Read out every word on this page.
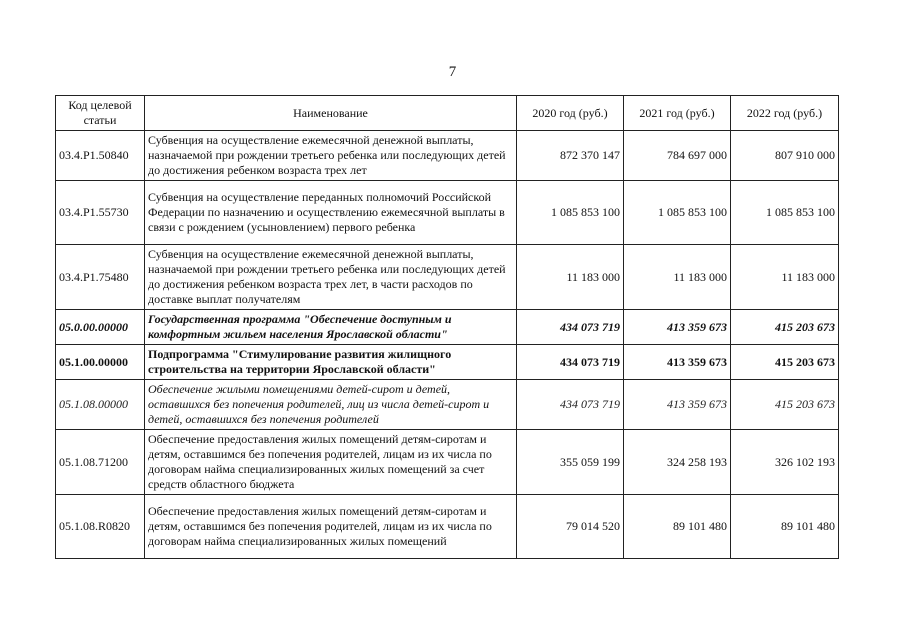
7
Код целевой статьи	Наименование	2020 год (руб.)	2021 год (руб.)	2022 год (руб.)
03.4.P1.50840	Субвенция на осуществление ежемесячной денежной выплаты, назначаемой при рождении третьего ребенка или последующих детей до достижения ребенком возраста трех лет	872 370 147	784 697 000	807 910 000
03.4.P1.55730	Субвенция на осуществление переданных полномочий Российской Федерации по назначению и осуществлению ежемесячной выплаты в связи с рождением (усыновлением) первого ребенка	1 085 853 100	1 085 853 100	1 085 853 100
03.4.P1.75480	Субвенция на осуществление ежемесячной денежной выплаты, назначаемой при рождении третьего ребенка или последующих детей до достижения ребенком возраста трех лет, в части расходов по доставке выплат получателям	11 183 000	11 183 000	11 183 000
05.0.00.00000	Государственная программа "Обеспечение доступным и комфортным жильем населения Ярославской области"	434 073 719	413 359 673	415 203 673
05.1.00.00000	Подпрограмма "Стимулирование развития жилищного строительства на территории Ярославской области"	434 073 719	413 359 673	415 203 673
05.1.08.00000	Обеспечение жилыми помещениями детей-сирот и детей, оставшихся без попечения родителей, лиц из числа детей-сирот и детей, оставшихся без попечения родителей	434 073 719	413 359 673	415 203 673
05.1.08.71200	Обеспечение предоставления жилых помещений детям-сиротам и детям, оставшимся без попечения родителей, лицам из их числа по договорам найма специализированных жилых помещений за счет средств областного бюджета	355 059 199	324 258 193	326 102 193
05.1.08.R0820	Обеспечение предоставления жилых помещений детям-сиротам и детям, оставшимся без попечения родителей, лицам из их числа по договорам найма специализированных жилых помещений	79 014 520	89 101 480	89 101 480
